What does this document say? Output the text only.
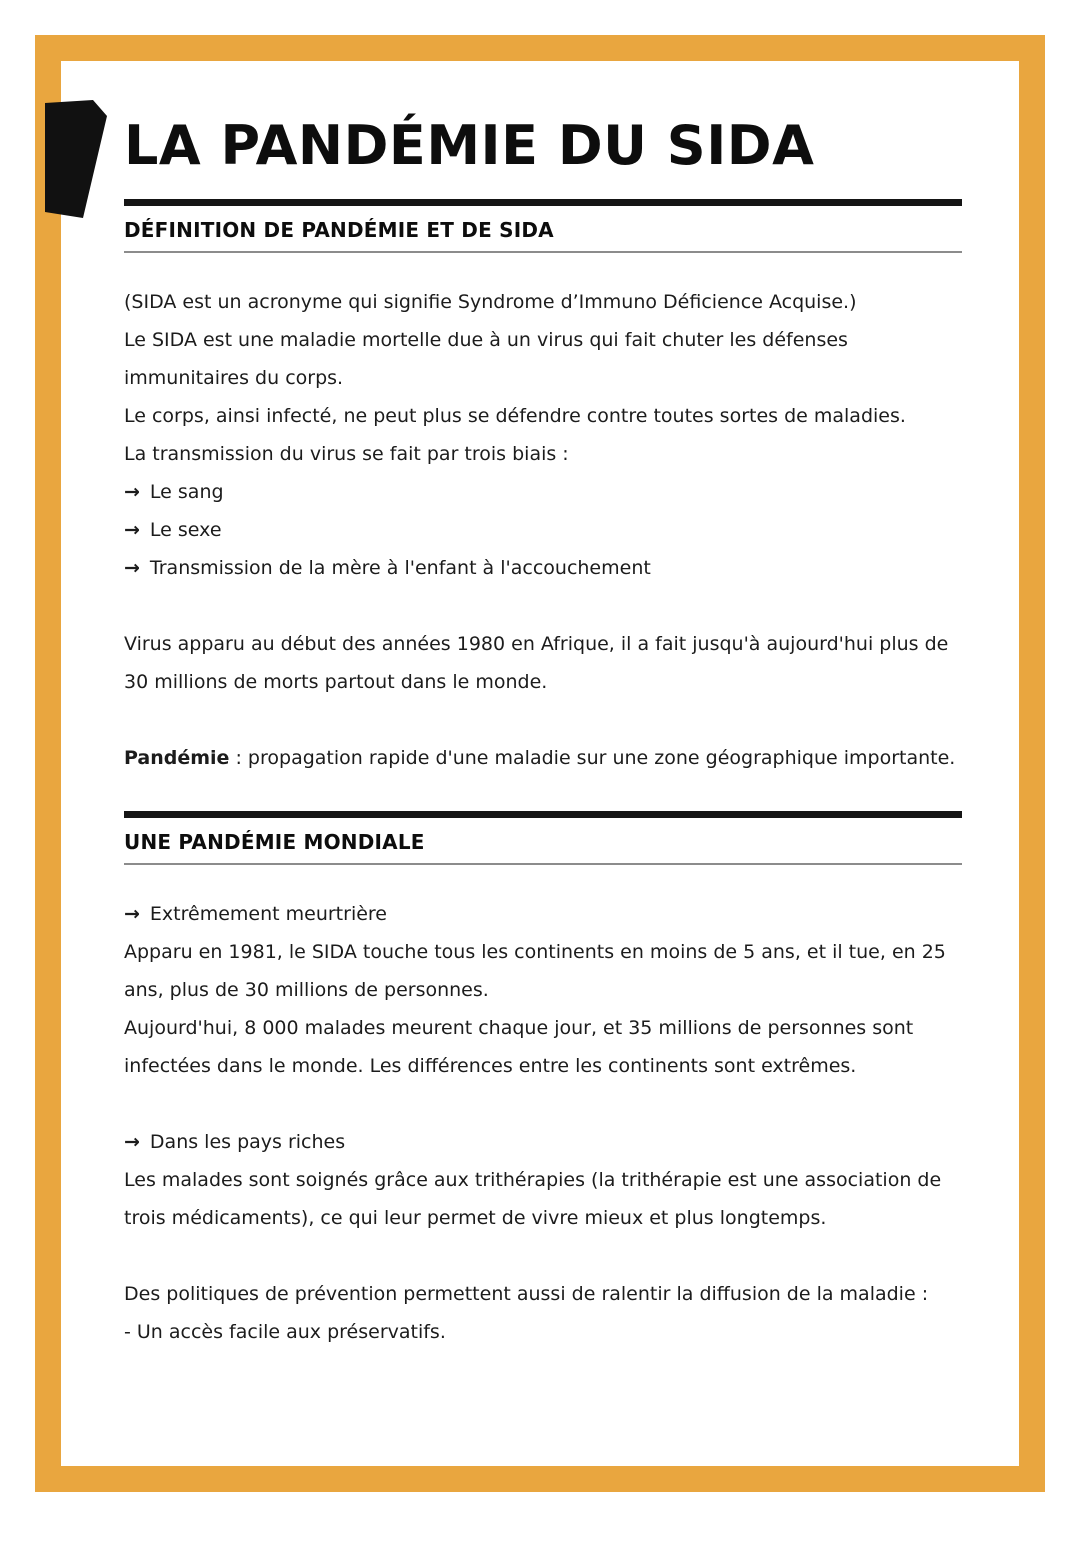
LA PANDÉMIE DU SIDA
DÉFINITION DE PANDÉMIE ET DE SIDA

(SIDA est un acronyme qui signifie Syndrome d’Immuno Déficience Acquise.)

Le SIDA est une maladie mortelle due à un virus qui fait chuter les défenses immunitaires du corps.

Le corps, ainsi infecté, ne peut plus se défendre contre toutes sortes de maladies.

La transmission du virus se fait par trois biais :

→ Le sang

→ Le sexe

→ Transmission de la mère à l'enfant à l'accouchement

Virus apparu au début des années 1980 en Afrique, il a fait jusqu'à aujourd'hui plus de 30 millions de morts partout dans le monde.

Pandémie : propagation rapide d'une maladie sur une zone géographique importante.

UNE PANDÉMIE MONDIALE

→ Extrêmement meurtrière

Apparu en 1981, le SIDA touche tous les continents en moins de 5 ans, et il tue, en 25 ans, plus de 30 millions de personnes.

Aujourd'hui, 8 000 malades meurent chaque jour, et 35 millions de personnes sont infectées dans le monde. Les différences entre les continents sont extrêmes.

→ Dans les pays riches

Les malades sont soignés grâce aux trithérapies (la trithérapie est une association de trois médicaments), ce qui leur permet de vivre mieux et plus longtemps.

Des politiques de prévention permettent aussi de ralentir la diffusion de la maladie :

- Un accès facile aux préservatifs.
